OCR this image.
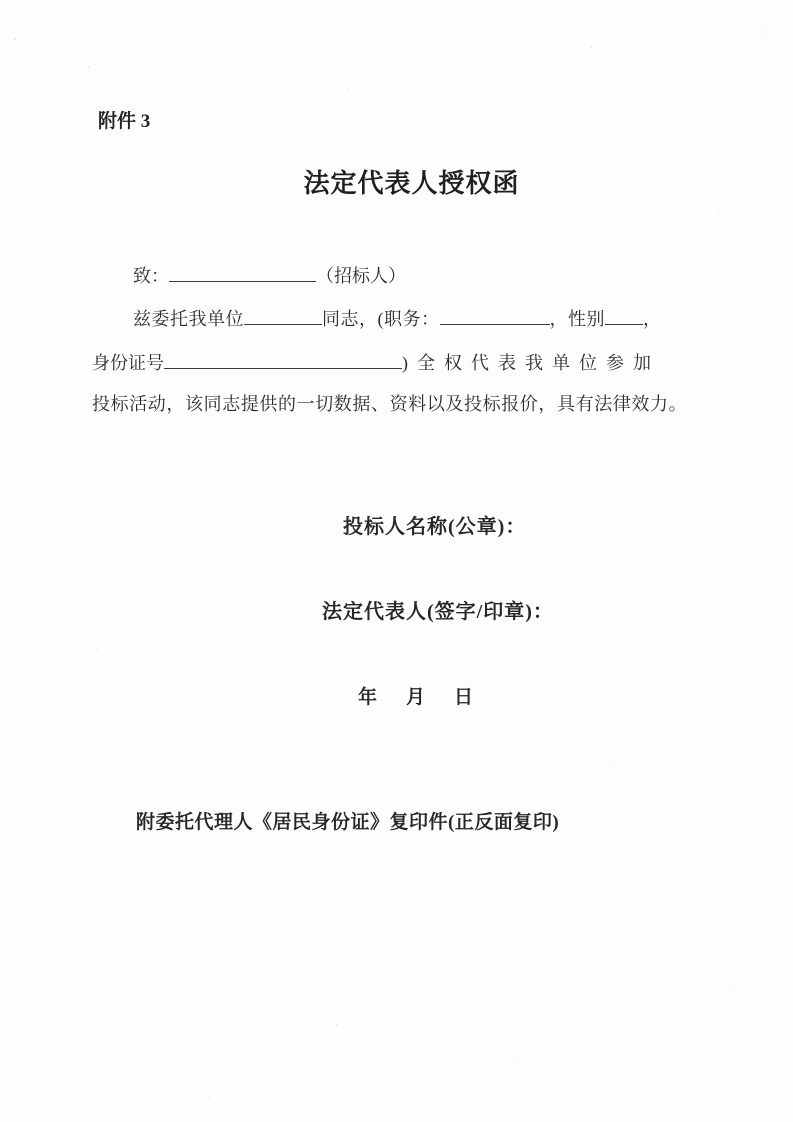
附件 3
法定代表人授权函
致：	（招标人）
兹委托我单位	同志，(职务：	，性别 ，
身份证号	)全权代表我单位参加
投标活动，该同志提供的一切数据、资料以及投标报价，具有法律效力。
投标人名称(公章)：
法定代表人(签字/印章)：
年　月　日
附委托代理人《居民身份证》复印件(正反面复印)
